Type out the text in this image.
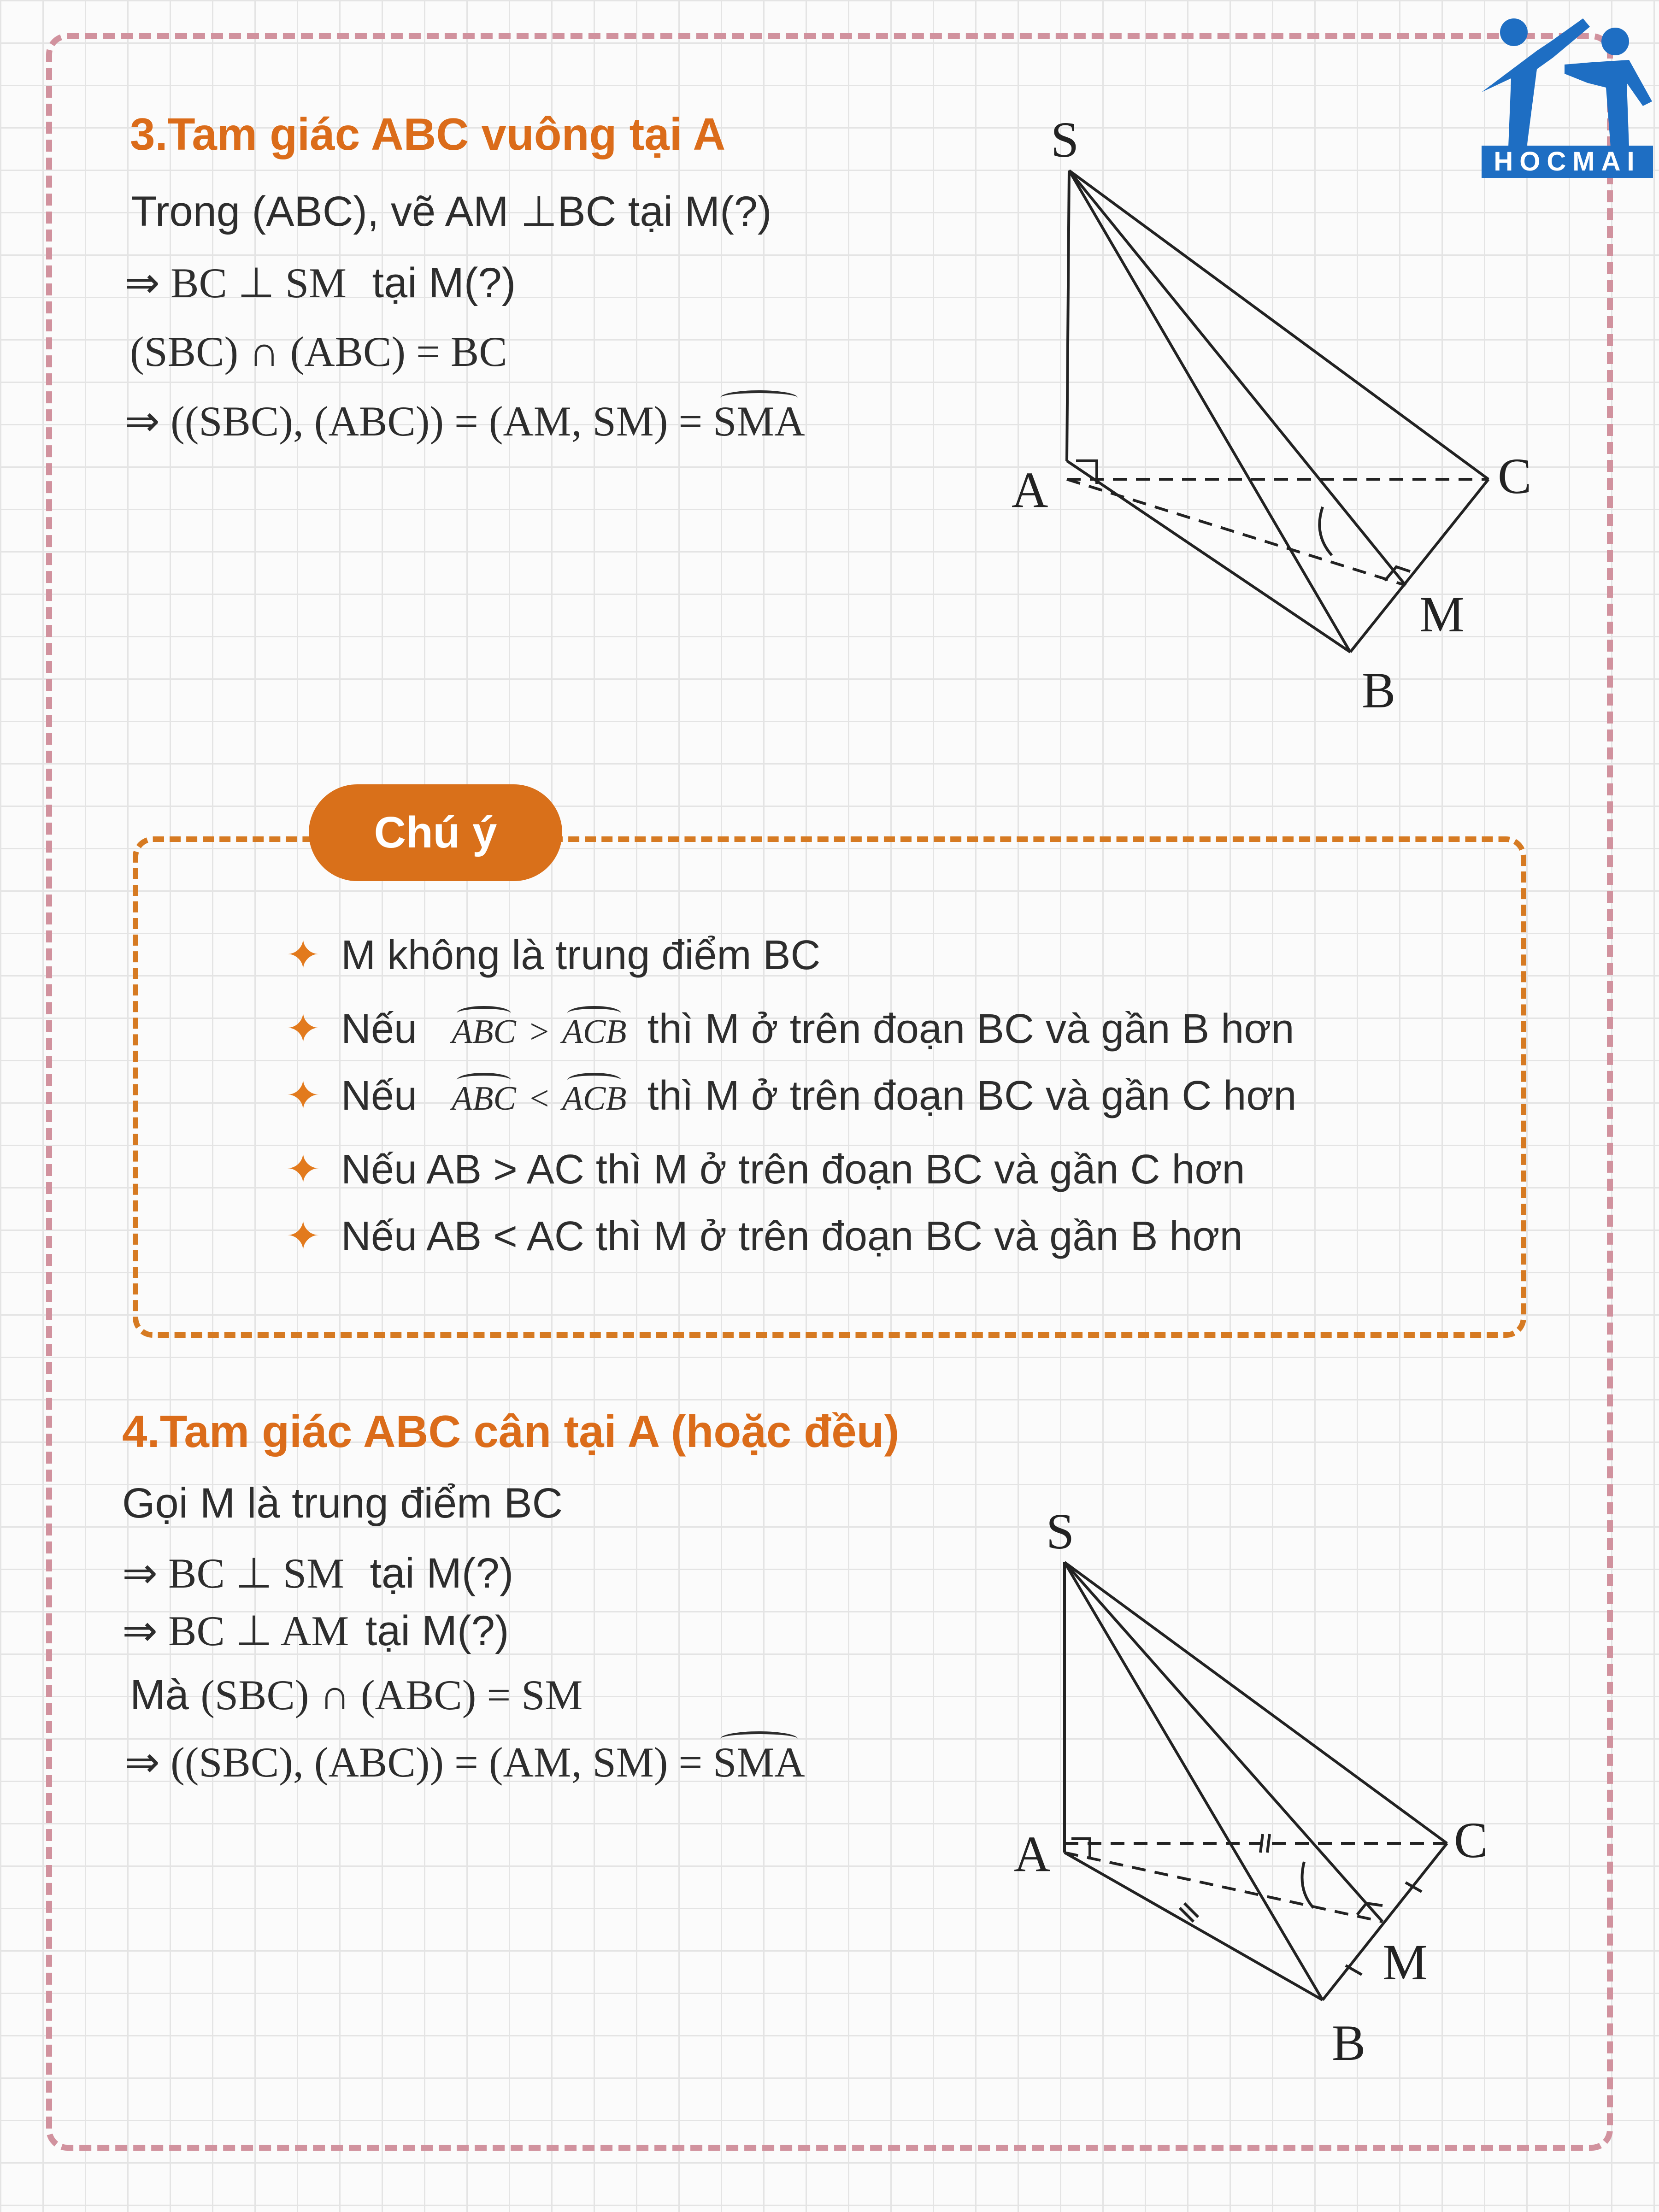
HOCMAI
3.Tam giác ABC vuông tại A
Trong (ABC), vẽ AM ⊥BC tại M(?)
⇒ BC ⊥ SM tại M(?)
(SBC) ∩ (ABC) = BC
⇒ ((SBC), (ABC)) = (AM, SM) = SMA
S
A	C
M
B
Chú ý
✦ M không là trung điểm BC
✦ Nếu ABC > ACB thì M ở trên đoạn BC và gần B hơn
✦ Nếu ABC < ACB thì M ở trên đoạn BC và gần C hơn
✦ Nếu AB > AC thì M ở trên đoạn BC và gần C hơn
✦ Nếu AB < AC thì M ở trên đoạn BC và gần B hơn
4.Tam giác ABC cân tại A (hoặc đều)
Gọi M là trung điểm BC
⇒ BC ⊥ SM tại M(?)
⇒ BC ⊥ AM tại M(?)
Mà (SBC) ∩ (ABC) = SM
⇒ ((SBC), (ABC)) = (AM, SM) = SMA
S
A	C
M
B
